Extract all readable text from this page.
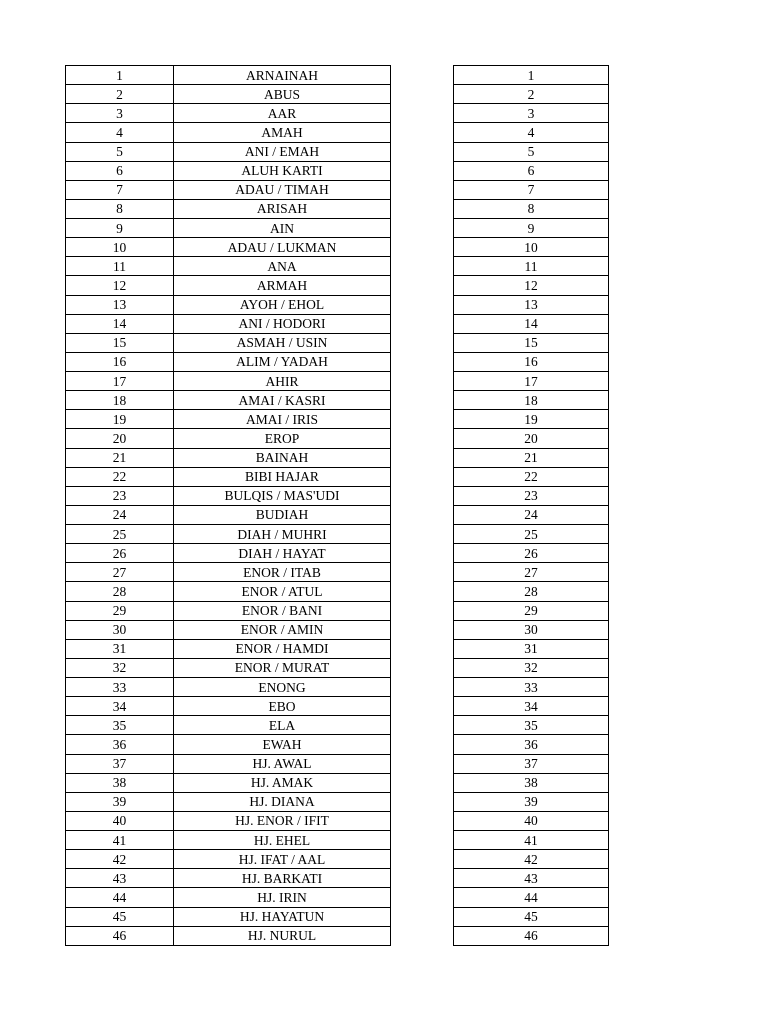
1	ARNAINAH
2	ABUS
3	AAR
4	AMAH
5	ANI / EMAH
6	ALUH KARTI
7	ADAU / TIMAH
8	ARISAH
9	AIN
10	ADAU / LUKMAN
11	ANA
12	ARMAH
13	AYOH / EHOL
14	ANI / HODORI
15	ASMAH / USIN
16	ALIM / YADAH
17	AHIR
18	AMAI / KASRI
19	AMAI / IRIS
20	EROP
21	BAINAH
22	BIBI HAJAR
23	BULQIS / MAS'UDI
24	BUDIAH
25	DIAH / MUHRI
26	DIAH / HAYAT
27	ENOR / ITAB
28	ENOR / ATUL
29	ENOR / BANI
30	ENOR / AMIN
31	ENOR / HAMDI
32	ENOR / MURAT
33	ENONG
34	EBO
35	ELA
36	EWAH
37	HJ. AWAL
38	HJ. AMAK
39	HJ. DIANA
40	HJ. ENOR / IFIT
41	HJ. EHEL
42	HJ. IFAT / AAL
43	HJ. BARKATI
44	HJ. IRIN
45	HJ. HAYATUN
46	HJ. NURUL
1
2
3
4
5
6
7
8
9
10
11
12
13
14
15
16
17
18
19
20
21
22
23
24
25
26
27
28
29
30
31
32
33
34
35
36
37
38
39
40
41
42
43
44
45
46
